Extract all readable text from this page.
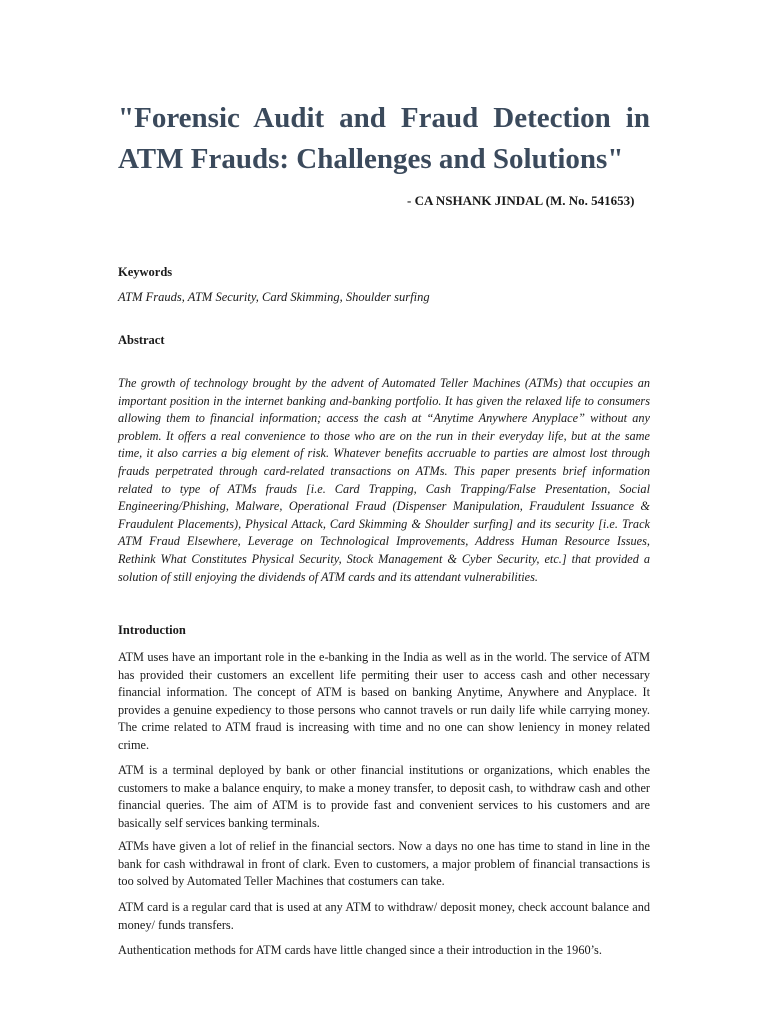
"Forensic Audit and Fraud Detection in
ATM Frauds: Challenges and Solutions"

- CA NSHANK JINDAL (M. No. 541653)

Keywords

ATM Frauds, ATM Security, Card Skimming, Shoulder surfing

Abstract

The growth of technology brought by the advent of Automated Teller Machines (ATMs) that occupies an important position in the internet banking and-banking portfolio. It has given the relaxed life to consumers allowing them to financial information; access the cash at “Anytime Anywhere Anyplace” without any problem. It offers a real convenience to those who are on the run in their everyday life, but at the same time, it also carries a big element of risk. Whatever benefits accruable to parties are almost lost through frauds perpetrated through card-related transactions on ATMs. This paper presents brief information related to type of ATMs frauds [i.e. Card Trapping, Cash Trapping/False Presentation, Social Engineering/Phishing, Malware, Operational Fraud (Dispenser Manipulation, Fraudulent Issuance & Fraudulent Placements), Physical Attack, Card Skimming & Shoulder surfing] and its security [i.e. Track ATM Fraud Elsewhere, Leverage on Technological Improvements, Address Human Resource Issues, Rethink What Constitutes Physical Security, Stock Management & Cyber Security, etc.] that provided a solution of still enjoying the dividends of ATM cards and its attendant vulnerabilities.

Introduction

ATM uses have an important role in the e-banking in the India as well as in the world. The service of ATM has provided their customers an excellent life permiting their user to access cash and other necessary financial information. The concept of ATM is based on banking Anytime, Anywhere and Anyplace. It provides a genuine expediency to those persons who cannot travels or run daily life while carrying money. The crime related to ATM fraud is increasing with time and no one can show leniency in money related crime.

ATM is a terminal deployed by bank or other financial institutions or organizations, which enables the customers to make a balance enquiry, to make a money transfer, to deposit cash, to withdraw cash and other financial queries. The aim of ATM is to provide fast and convenient services to his customers and are basically self services banking terminals.

ATMs have given a lot of relief in the financial sectors. Now a days no one has time to stand in line in the bank for cash withdrawal in front of clark. Even to customers, a major problem of financial transactions is too solved by Automated Teller Machines that costumers can take.

ATM card is a regular card that is used at any ATM to withdraw/ deposit money, check account balance and money/ funds transfers.

Authentication methods for ATM cards have little changed since a their introduction in the 1960’s.
